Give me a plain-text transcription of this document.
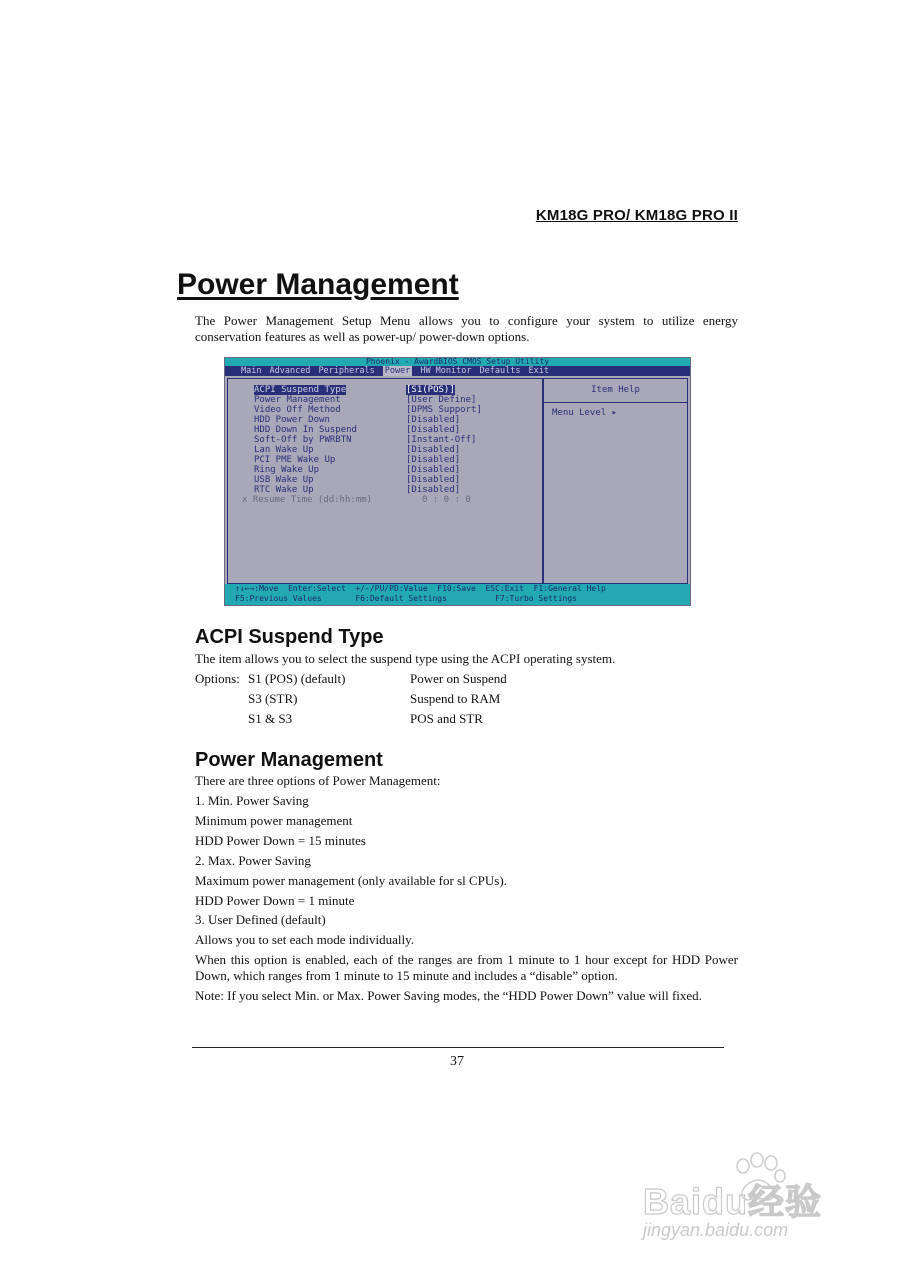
KM18G PRO/ KM18G PRO II
Power Management
The Power Management Setup Menu allows you to configure your system to utilize energy conservation features as well as power-up/ power-down options.
Phoenix - AwardBIOS CMOS Setup Utility
Main Advanced Peripherals Power HW Monitor Defaults Exit
ACPI Suspend Type	[S1(POS)]
Power Management	[User Define]
Video Off Method	[DPMS Support]
HDD Power Down	[Disabled]
HDD Down In Suspend	[Disabled]
Soft-Off by PWRBTN	[Instant-Off]
Lan Wake Up	[Disabled]
PCI PME Wake Up	[Disabled]
Ring Wake Up	[Disabled]
USB Wake Up	[Disabled]
RTC Wake Up	[Disabled]
x Resume Time (dd:hh:mm)	0 : 0 : 0
Item Help
Menu Level ▸
↑↓←→:Move  Enter:Select  +/-/PU/PD:Value  F10:Save  ESC:Exit  F1:General Help
F5:Previous Values       F6:Default Settings          F7:Turbo Settings
ACPI Suspend Type
The item allows you to select the suspend type using the ACPI operating system.
Options: S1 (POS) (default)	Power on Suspend
S3 (STR)	Suspend to RAM
S1 & S3	POS and STR
Power Management
There are three options of Power Management:
1. Min. Power Saving
Minimum power management
HDD Power Down = 15 minutes
2. Max. Power Saving
Maximum power management (only available for sl CPUs).
HDD Power Down = 1 minute
3. User Defined (default)
Allows you to set each mode individually.
When this option is enabled, each of the ranges are from 1 minute to 1 hour except for HDD Power Down, which ranges from 1 minute to 15 minute and includes a “disable” option.
Note: If you select Min. or Max. Power Saving modes, the “HDD Power Down” value will fixed.
37
Baidu经验
jingyan.baidu.com
